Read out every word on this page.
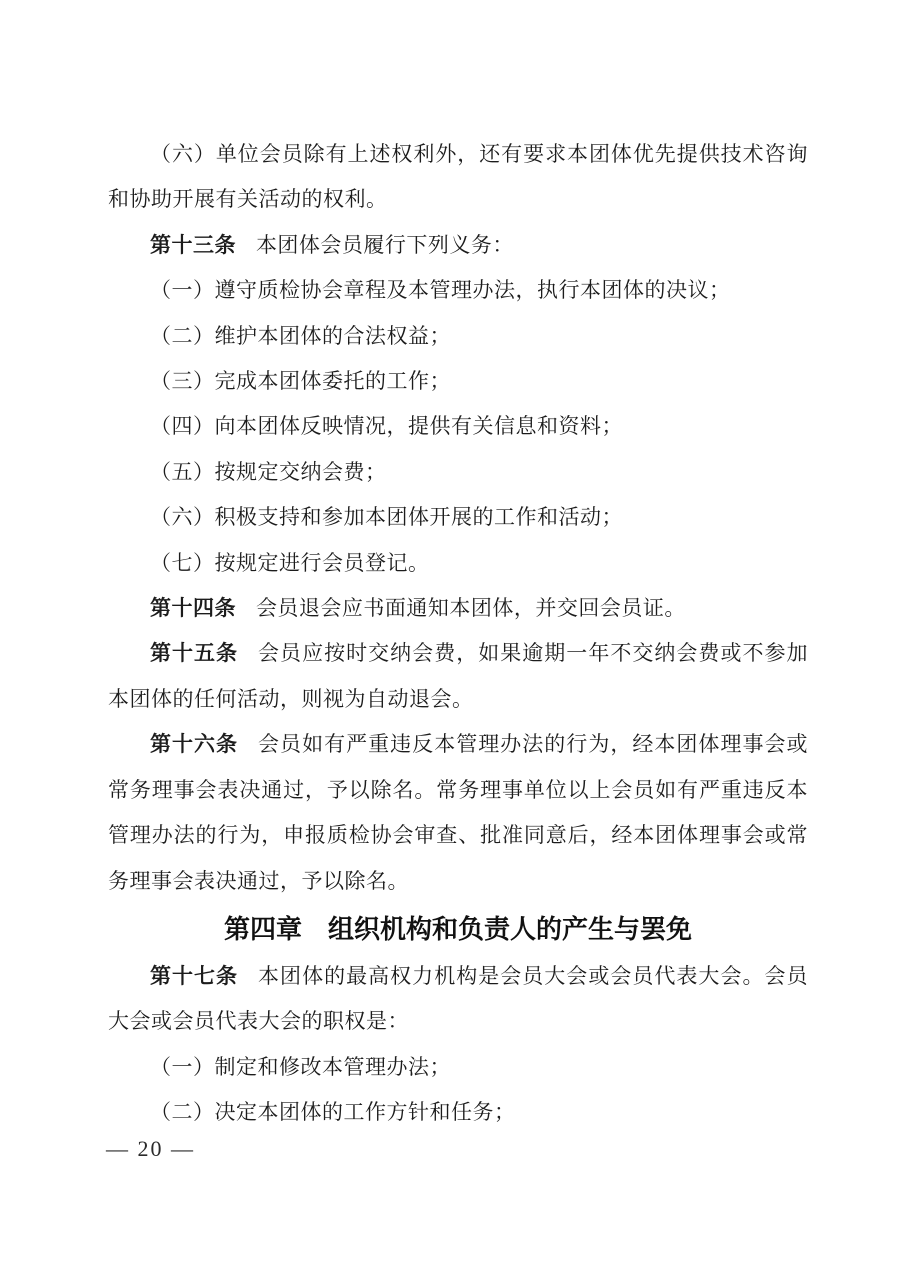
（六）单位会员除有上述权利外，还有要求本团体优先提供技术咨询和协助开展有关活动的权利。

第十三条 本团体会员履行下列义务：

（一）遵守质检协会章程及本管理办法，执行本团体的决议；

（二）维护本团体的合法权益；

（三）完成本团体委托的工作；

（四）向本团体反映情况，提供有关信息和资料；

（五）按规定交纳会费；

（六）积极支持和参加本团体开展的工作和活动；

（七）按规定进行会员登记。

第十四条 会员退会应书面通知本团体，并交回会员证。

第十五条 会员应按时交纳会费，如果逾期一年不交纳会费或不参加本团体的任何活动，则视为自动退会。

第十六条 会员如有严重违反本管理办法的行为，经本团体理事会或常务理事会表决通过，予以除名。常务理事单位以上会员如有严重违反本管理办法的行为，申报质检协会审查、批准同意后，经本团体理事会或常务理事会表决通过，予以除名。

第四章　组织机构和负责人的产生与罢免

第十七条 本团体的最高权力机构是会员大会或会员代表大会。会员大会或会员代表大会的职权是：

（一）制定和修改本管理办法；

（二）决定本团体的工作方针和任务；

— 20 —
